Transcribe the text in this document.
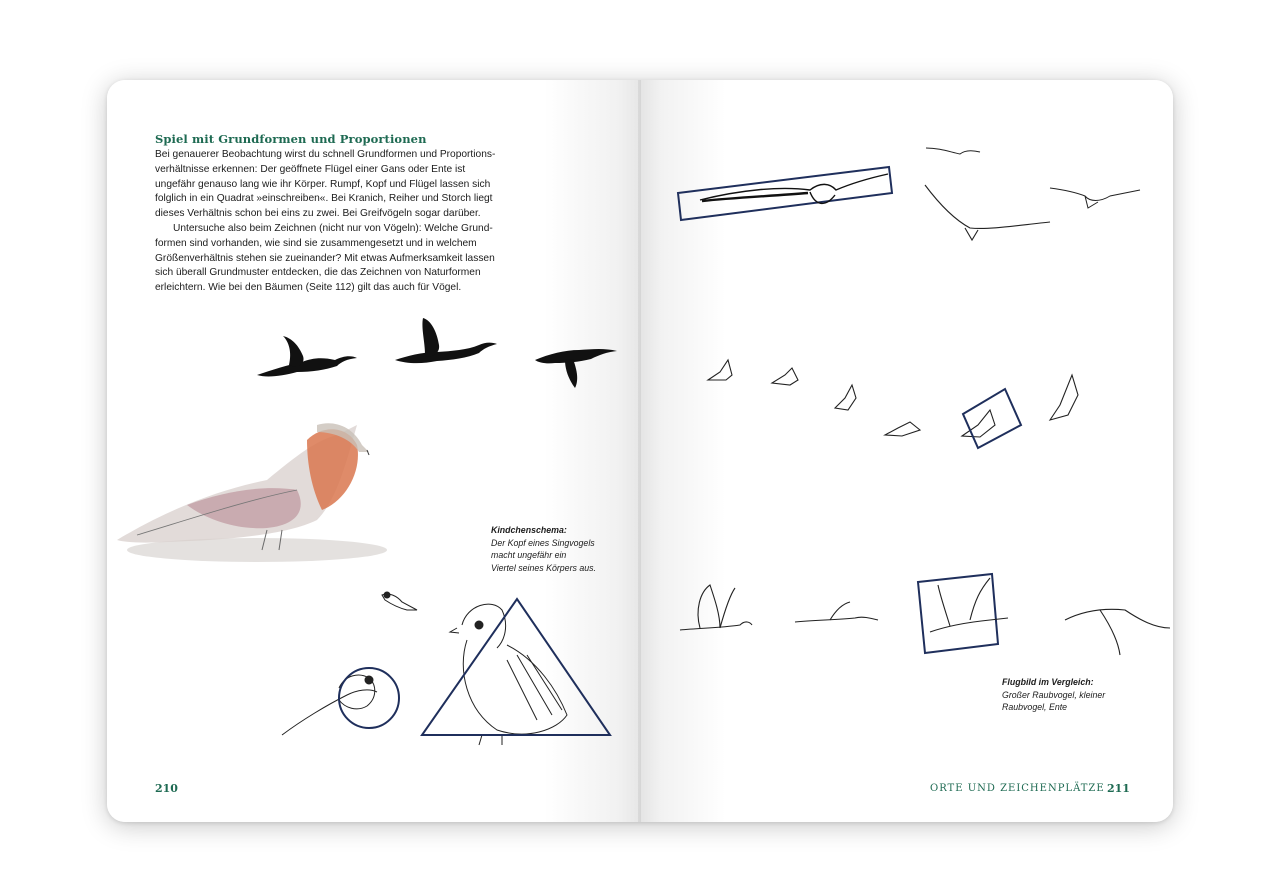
Spiel mit Grundformen und Proportionen

Bei genauerer Beobachtung wirst du schnell Grundformen und Proportions-verhältnisse erkennen: Der geöffnete Flügel einer Gans oder Ente ist ungefähr genauso lang wie ihr Körper. Rumpf, Kopf und Flügel lassen sich folglich in ein Quadrat »einschreiben«. Bei Kranich, Reiher und Storch liegt dieses Verhältnis schon bei eins zu zwei. Bei Greifvögeln sogar darüber.

Untersuche also beim Zeichnen (nicht nur von Vögeln): Welche Grund-formen sind vorhanden, wie sind sie zusammengesetzt und in welchem Größenverhältnis stehen sie zueinander? Mit etwas Aufmerksamkeit lassen sich überall Grundmuster entdecken, die das Zeichnen von Naturformen erleichtern. Wie bei den Bäumen (Seite 112) gilt das auch für Vögel.

Kindchenschema:
Der Kopf eines Singvogels
macht ungefähr ein
Viertel seines Körpers aus.
210
Flugbild im Vergleich:
Großer Raubvogel, kleiner
Raubvogel, Ente
ORTE UND ZEICHENPLÄTZE 211
